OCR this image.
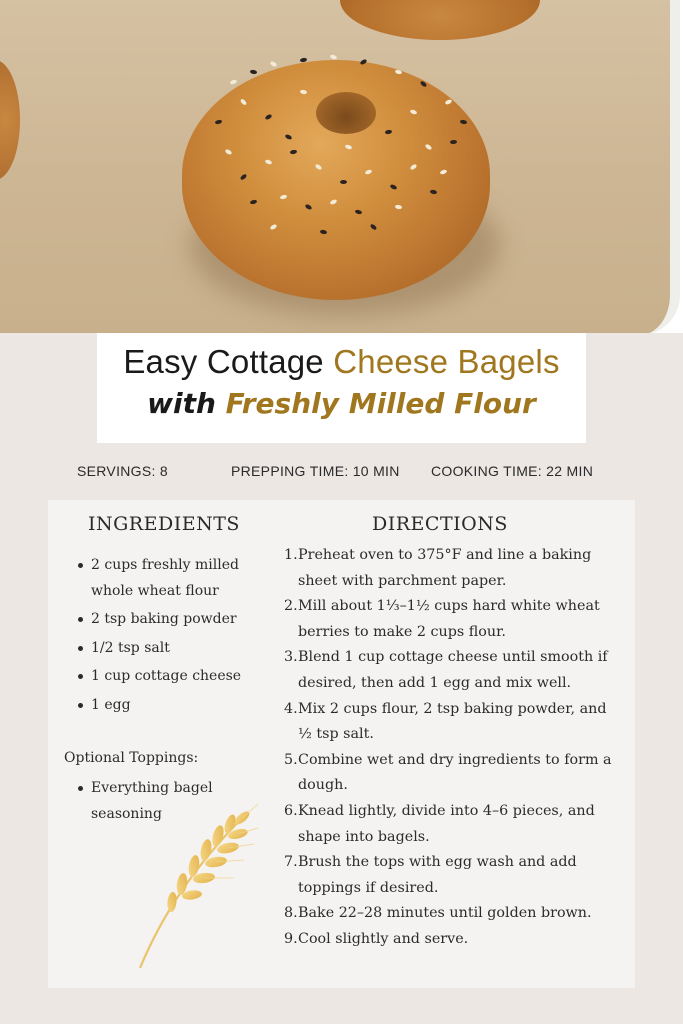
Easy Cottage Cheese Bagels

with Freshly Milled Flour

SERVINGS: 8	PREPPING TIME: 10 MIN COOKING TIME: 22 MIN
INGREDIENTS	DIRECTIONS
2 cups freshly milled whole wheat flour
2 tsp baking powder
1/2 tsp salt
1 cup cottage cheese
1 egg
Optional Toppings:
Everything bagel seasoning
1. Preheat oven to 375°F and line a baking sheet with parchment paper.
2. Mill about 1⅓–1½ cups hard white wheat berries to make 2 cups flour.
3. Blend 1 cup cottage cheese until smooth if desired, then add 1 egg and mix well.
4. Mix 2 cups flour, 2 tsp baking powder, and ½ tsp salt.
5. Combine wet and dry ingredients to form a dough.
6. Knead lightly, divide into 4–6 pieces, and shape into bagels.
7. Brush the tops with egg wash and add toppings if desired.
8. Bake 22–28 minutes until golden brown.
9. Cool slightly and serve.
